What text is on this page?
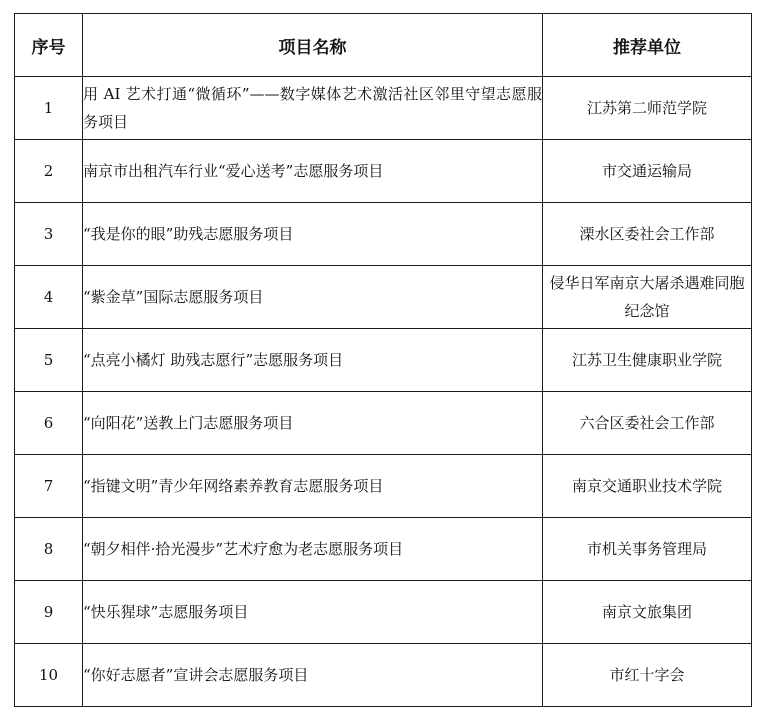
序号	项目名称	推荐单位
1	用 AI 艺术打通“微循环”——数字媒体艺术激活社区邻里守望志愿服务项目	江苏第二师范学院
2	南京市出租汽车行业“爱心送考”志愿服务项目	市交通运输局
3	“我是你的眼”助残志愿服务项目	溧水区委社会工作部
4	“紫金草”国际志愿服务项目	侵华日军南京大屠杀遇难同胞纪念馆
5	“点亮小橘灯 助残志愿行”志愿服务项目	江苏卫生健康职业学院
6	“向阳花”送教上门志愿服务项目	六合区委社会工作部
7	“指键文明”青少年网络素养教育志愿服务项目	南京交通职业技术学院
8	“朝夕相伴·拾光漫步”艺术疗愈为老志愿服务项目	市机关事务管理局
9	“快乐猩球”志愿服务项目	南京文旅集团
10	“你好志愿者”宣讲会志愿服务项目	市红十字会
